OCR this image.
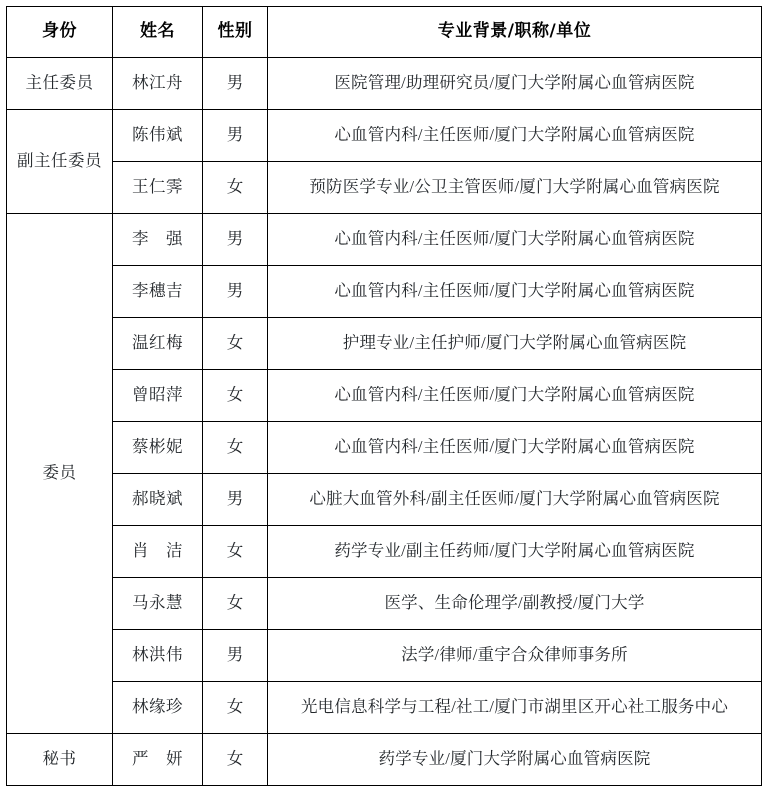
身份	姓名	性别	专业背景/职称/单位
主任委员	林江舟	男	医院管理/助理研究员/厦门大学附属心血管病医院
副主任委员	陈伟斌	男	心血管内科/主任医师/厦门大学附属心血管病医院
	王仁霁	女	预防医学专业/公卫主管医师/厦门大学附属心血管病医院
委员	李　强	男	心血管内科/主任医师/厦门大学附属心血管病医院
	李穗吉	男	心血管内科/主任医师/厦门大学附属心血管病医院
	温红梅	女	护理专业/主任护师/厦门大学附属心血管病医院
	曾昭萍	女	心血管内科/主任医师/厦门大学附属心血管病医院
	蔡彬妮	女	心血管内科/主任医师/厦门大学附属心血管病医院
	郝晓斌	男	心脏大血管外科/副主任医师/厦门大学附属心血管病医院
	肖　洁	女	药学专业/副主任药师/厦门大学附属心血管病医院
	马永慧	女	医学、生命伦理学/副教授/厦门大学
	林洪伟	男	法学/律师/重宇合众律师事务所
	林缘珍	女	光电信息科学与工程/社工/厦门市湖里区开心社工服务中心
秘书	严　妍	女	药学专业/厦门大学附属心血管病医院
